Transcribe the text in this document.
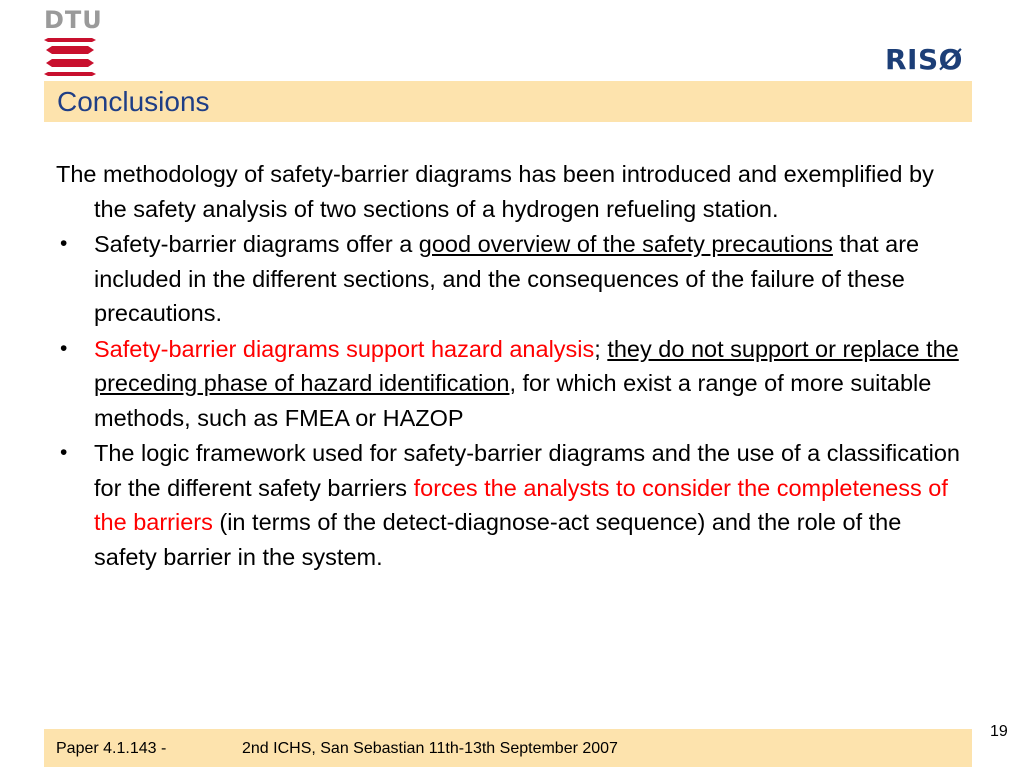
DTU
RISØ
Conclusions

The methodology of safety-barrier diagrams has been introduced and exemplified by the safety analysis of two sections of a hydrogen refueling station.

• Safety-barrier diagrams offer a good overview of the safety precautions that are included in the different sections, and the consequences of the failure of these precautions.
• Safety-barrier diagrams support hazard analysis; they do not support or replace the preceding phase of hazard identification, for which exist a range of more suitable methods, such as FMEA or HAZOP
• The logic framework used for safety-barrier diagrams and the use of a classification for the different safety barriers forces the analysts to consider the completeness of the barriers (in terms of the detect-diagnose-act sequence) and the role of the safety barrier in the system.
19
Paper 4.1.143 -	2nd ICHS, San Sebastian 11th-13th September 2007
